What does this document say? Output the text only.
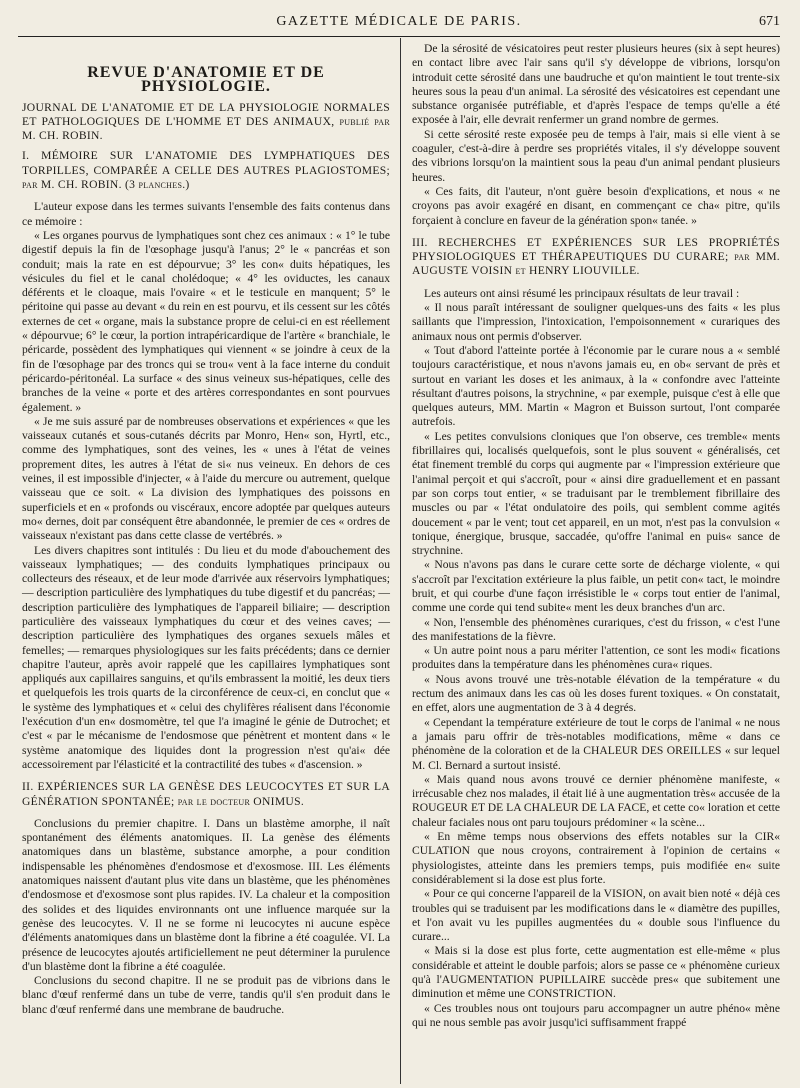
GAZETTE MÉDICALE DE PARIS.	671
REVUE D'ANATOMIE ET DE PHYSIOLOGIE.

JOURNAL DE L'ANATOMIE ET DE LA PHYSIOLOGIE NORMALES ET PATHOLOGIQUES DE L'HOMME ET DES ANIMAUX, publié par M. CH. ROBIN.

I. MÉMOIRE SUR L'ANATOMIE DES LYMPHATIQUES DES TORPILLES, COMPARÉE A CELLE DES AUTRES PLAGIOSTOMES; par M. CH. ROBIN. (3 planches.)

L'auteur expose dans les termes suivants l'ensemble des faits contenus dans ce mémoire :

« Les organes pourvus de lymphatiques sont chez ces animaux : « 1° le tube digestif depuis la fin de l'œsophage jusqu'à l'anus; 2° le « pancréas et son conduit; mais la rate en est dépourvue; 3° les con« duits hépatiques, les vésicules du fiel et le canal cholédoque; « 4° les oviductes, les canaux déférents et le cloaque, mais l'ovaire « et le testicule en manquent; 5° le péritoine qui passe au devant « du rein en est pourvu, et ils cessent sur les côtés externes de cet « organe, mais la substance propre de celui-ci en est réellement « dépourvue; 6° le cœur, la portion intrapéricardique de l'artère « branchiale, le péricarde, possèdent des lymphatiques qui viennent « se joindre à ceux de la fin de l'œsophage par des troncs qui se trou« vent à la face interne du conduit péricardo-péritonéal. La surface « des sinus veineux sus-hépatiques, celle des branches de la veine « porte et des artères correspondantes en sont pourvues également. »

« Je me suis assuré par de nombreuses observations et expériences « que les vaisseaux cutanés et sous-cutanés décrits par Monro, Hen« son, Hyrtl, etc., comme des lymphatiques, sont des veines, les « unes à l'état de veines proprement dites, les autres à l'état de si« nus veineux. En dehors de ces veines, il est impossible d'injecter, « à l'aide du mercure ou autrement, quelque vaisseau que ce soit. « La division des lymphatiques des poissons en superficiels et en « profonds ou viscéraux, encore adoptée par quelques auteurs mo« dernes, doit par conséquent être abandonnée, le premier de ces « ordres de vaisseaux n'existant pas dans cette classe de vertébrés. »

Les divers chapitres sont intitulés : Du lieu et du mode d'abouchement des vaisseaux lymphatiques; — des conduits lymphatiques principaux ou collecteurs des réseaux, et de leur mode d'arrivée aux réservoirs lymphatiques; — description particulière des lymphatiques du tube digestif et du pancréas; — description particulière des lymphatiques de l'appareil biliaire; — description particulière des vaisseaux lymphatiques du cœur et des veines caves; — description particulière des lymphatiques des organes sexuels mâles et femelles; — remarques physiologiques sur les faits précédents; dans ce dernier chapitre l'auteur, après avoir rappelé que les capillaires lymphatiques sont appliqués aux capillaires sanguins, et qu'ils embrassent la moitié, les deux tiers et quelquefois les trois quarts de la circonférence de ceux-ci, en conclut que « le système des lymphatiques et « celui des chylifères réalisent dans l'économie l'exécution d'un en« dosmomètre, tel que l'a imaginé le génie de Dutrochet; et c'est « par le mécanisme de l'endosmose que pénètrent et montent dans « le système anatomique des liquides dont la progression n'est qu'ai« dée accessoirement par l'élasticité et la contractilité des tubes « d'ascension. »

II. EXPÉRIENCES SUR LA GENÈSE DES LEUCOCYTES ET SUR LA GÉNÉRATION SPONTANÉE; par le docteur ONIMUS.

Conclusions du premier chapitre. I. Dans un blastème amorphe, il naît spontanément des éléments anatomiques. II. La genèse des éléments anatomiques dans un blastème, substance amorphe, a pour condition indispensable les phénomènes d'endosmose et d'exosmose. III. Les éléments anatomiques naissent d'autant plus vite dans un blastème, que les phénomènes d'endosmose et d'exosmose sont plus rapides. IV. La chaleur et la composition des solides et des liquides environnants ont une influence marquée sur la genèse des leucocytes. V. Il ne se forme ni leucocytes ni aucune espèce d'éléments anatomiques dans un blastème dont la fibrine a été coagulée. VI. La présence de leucocytes ajoutés artificiellement ne peut déterminer la purulence d'un blastème dont la fibrine a été coagulée.

Conclusions du second chapitre. Il ne se produit pas de vibrions dans le blanc d'œuf renfermé dans un tube de verre, tandis qu'il s'en produit dans le blanc d'œuf renfermé dans une membrane de baudruche.

De la sérosité de vésicatoires peut rester plusieurs heures (six à sept heures) en contact libre avec l'air sans qu'il s'y développe de vibrions, lorsqu'on introduit cette sérosité dans une baudruche et qu'on maintient le tout trente-six heures sous la peau d'un animal. La sérosité des vésicatoires est cependant une substance organisée putréfiable, et d'après l'espace de temps qu'elle a été exposée à l'air, elle devrait renfermer un grand nombre de germes.

Si cette sérosité reste exposée peu de temps à l'air, mais si elle vient à se coaguler, c'est-à-dire à perdre ses propriétés vitales, il s'y développe souvent des vibrions lorsqu'on la maintient sous la peau d'un animal pendant plusieurs heures.

« Ces faits, dit l'auteur, n'ont guère besoin d'explications, et nous « ne croyons pas avoir exagéré en disant, en commençant ce cha« pitre, qu'ils forçaient à conclure en faveur de la génération spon« tanée. »

III. RECHERCHES ET EXPÉRIENCES SUR LES PROPRIÉTÉS PHYSIOLOGIQUES ET THÉRAPEUTIQUES DU CURARE; par MM. AUGUSTE VOISIN et HENRY LIOUVILLE.

Les auteurs ont ainsi résumé les principaux résultats de leur travail :

« Il nous paraît intéressant de souligner quelques-uns des faits « les plus saillants que l'impression, l'intoxication, l'empoisonnement « curariques des animaux nous ont permis d'observer.

« Tout d'abord l'atteinte portée à l'économie par le curare nous a « semblé toujours caractéristique, et nous n'avons jamais eu, en ob« servant de près et surtout en variant les doses et les animaux, à la « confondre avec l'atteinte résultant d'autres poisons, la strychnine, « par exemple, puisque c'est à elle que quelques auteurs, MM. Martin « Magron et Buisson surtout, l'ont comparée autrefois.

« Les petites convulsions cloniques que l'on observe, ces tremble« ments fibrillaires qui, localisés quelquefois, sont le plus souvent « généralisés, cet état finement tremblé du corps qui augmente par « l'impression extérieure que l'animal perçoit et qui s'accroît, pour « ainsi dire graduellement et en passant par son corps tout entier, « se traduisant par le tremblement fibrillaire des muscles ou par « l'état ondulatoire des poils, qui semblent comme agités doucement « par le vent; tout cet appareil, en un mot, n'est pas la convulsion « tonique, énergique, brusque, saccadée, qu'offre l'animal en puis« sance de strychnine.

« Nous n'avons pas dans le curare cette sorte de décharge violente, « qui s'accroît par l'excitation extérieure la plus faible, un petit con« tact, le moindre bruit, et qui courbe d'une façon irrésistible le « corps tout entier de l'animal, comme une corde qui tend subite« ment les deux branches d'un arc.

« Non, l'ensemble des phénomènes curariques, c'est du frisson, « c'est l'une des manifestations de la fièvre.

« Un autre point nous a paru mériter l'attention, ce sont les modi« fications produites dans la température dans les phénomènes cura« riques.

« Nous avons trouvé une très-notable élévation de la température « du rectum des animaux dans les cas où les doses furent toxiques. « On constatait, en effet, alors une augmentation de 3 à 4 degrés.

« Cependant la température extérieure de tout le corps de l'animal « ne nous a jamais paru offrir de très-notables modifications, même « dans ce phénomène de la coloration et de la CHALEUR DES OREILLES « sur lequel M. Cl. Bernard a surtout insisté.

« Mais quand nous avons trouvé ce dernier phénomène manifeste, « irrécusable chez nos malades, il était lié à une augmentation très« accusée de la ROUGEUR ET DE LA CHALEUR DE LA FACE, et cette co« loration et cette chaleur faciales nous ont paru toujours prédominer « la scène...

« En même temps nous observions des effets notables sur la CIR« CULATION que nous croyons, contrairement à l'opinion de certains « physiologistes, atteinte dans les premiers temps, puis modifiée en« suite considérablement si la dose est plus forte.

« Pour ce qui concerne l'appareil de la VISION, on avait bien noté « déjà ces troubles qui se traduisent par les modifications dans le « diamètre des pupilles, et l'on avait vu les pupilles augmentées du « double sous l'influence du curare...

« Mais si la dose est plus forte, cette augmentation est elle-même « plus considérable et atteint le double parfois; alors se passe ce « phénomène curieux qu'à l'AUGMENTATION PUPILLAIRE succède pres« que subitement une diminution et même une CONSTRICTION.

« Ces troubles nous ont toujours paru accompagner un autre phéno« mène qui ne nous semble pas avoir jusqu'ici suffisamment frappé
